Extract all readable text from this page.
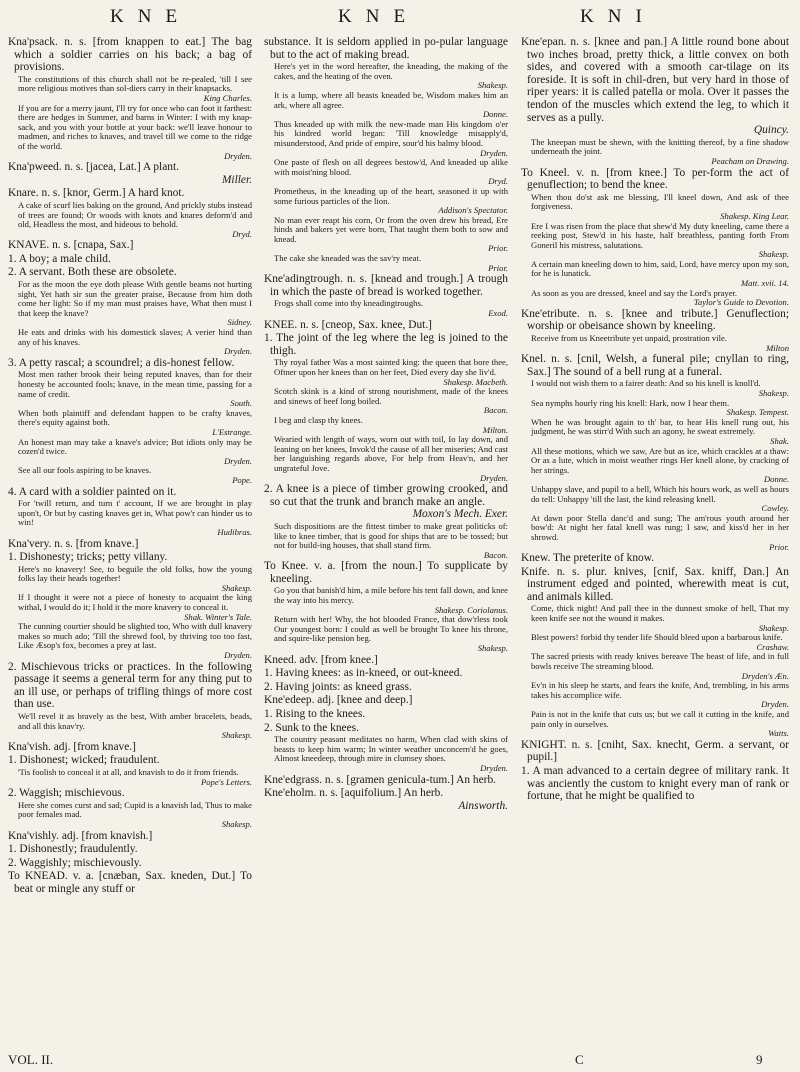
KNE	KNE	KNI
Kna'psack. n. s. [from knappen to eat.] The bag which a soldier carries on his back; a bag of provisions.
The constitutions of this church shall not be re-pealed, 'till I see more religious motives than sol-diers carry in their knapsacks.
King Charles.
If you are for a merry jaunt, I'll try for once who can foot it farthest: there are hedges in Summer, and barns in Winter: I with my knap-sack, and you with your bottle at your back: we'll leave honour to madmen, and riches to knaves, and travel till we come to the ridge of the world.
Dryden.
Kna'pweed. n. s. [jacea, Lat.] A plant.
Miller.
Knare. n. s. [knor, Germ.] A hard knot.
A cake of scurf lies baking on the ground, And prickly stubs instead of trees are found; Or woods with knots and knares deform'd and old, Headless the most, and hideous to behold.
Dryd.
KNAVE. n. s. [cnapa, Sax.]
1. A boy; a male child.
2. A servant. Both these are obsolete.
For as the moon the eye doth please With gentle beams not hurting sight, Yet hath sir sun the greater praise, Because from him doth come her light: So if my man must praises have, What then must I that keep the knave?
Sidney.
He eats and drinks with his domestick slaves; A verier hind than any of his knaves.
Dryden.
3. A petty rascal; a scoundrel; a dis-honest fellow.
Most men rather brook their being reputed knaves, than for their honesty be accounted fools; knave, in the mean time, passing for a name of credit.
South.
When both plaintiff and defendant happen to be crafty knaves, there's equity against both.
L'Estrange.
An honest man may take a knave's advice; But idiots only may be cozen'd twice.
Dryden.
See all our fools aspiring to be knaves.
Pope.
4. A card with a soldier painted on it.
For 'twill return, and turn t' account, If we are brought in play upon't, Or but by casting knaves get in, What pow'r can hinder us to win!
Hudibras.
Kna'very. n. s. [from knave.]
1. Dishonesty; tricks; petty villany.
Here's no knavery! See, to beguile the old folks, how the young folks lay their heads together!
Shakesp.
If I thought it were not a piece of honesty to acquaint the king withal, I would do it; I hold it the more knavery to conceal it.
Shak. Winter's Tale.
The cunning courtier should be slighted too, Who with dull knavery makes so much ado; 'Till the shrewd fool, by thriving too too fast, Like Æsop's fox, becomes a prey at last.
Dryden.
2. Mischievous tricks or practices. In the following passage it seems a general term for any thing put to an ill use, or perhaps of trifling things of more cost than use.
We'll revel it as bravely as the best, With amber bracelets, beads, and all this knav'ry.
Shakesp.
Kna'vish. adj. [from knave.]
1. Dishonest; wicked; fraudulent.
'Tis foolish to conceal it at all, and knavish to do it from friends.
Pope's Letters.
2. Waggish; mischievous.
Here she comes curst and sad; Cupid is a knavish lad, Thus to make poor females mad.
Shakesp.
Kna'vishly. adj. [from knavish.]
1. Dishonestly; fraudulently.
2. Waggishly; mischievously.
To KNEAD. v. a. [cnæban, Sax. kneden, Dut.] To beat or mingle any stuff or
substance. It is seldom applied in po-pular language but to the act of making bread.
Here's yet in the word hereafter, the kneading, the making of the cakes, and the heating of the oven.
Shakesp.
It is a lump, where all beasts kneaded be, Wisdom makes him an ark, where all agree.
Donne.
Thus kneaded up with milk the new-made man His kingdom o'er his kindred world began: 'Till knowledge misapply'd, misunderstood, And pride of empire, sour'd his balmy blood.
Dryden.
One paste of flesh on all degrees bestow'd, And kneaded up alike with moist'ning blood.
Dryd.
Prometheus, in the kneading up of the heart, seasoned it up with some furious particles of the lion.
Addison's Spectator.
No man ever reapt his corn, Or from the oven drew his bread, Ere hinds and bakers yet were born, That taught them both to sow and knead.
Prior.
The cake she kneaded was the sav'ry meat.
Prior.
Kne'adingtrough. n. s. [knead and trough.] A trough in which the paste of bread is worked together.
Frogs shall come into thy kneadingtroughs.
Exod.
KNEE. n. s. [cneop, Sax. knee, Dut.]
1. The joint of the leg where the leg is joined to the thigh.
Thy royal father Was a most sainted king: the queen that bore thee, Oftner upon her knees than on her feet, Died every day she liv'd.
Shakesp. Macbeth.
Scotch skink is a kind of strong nourishment, made of the knees and sinews of beef long boiled.
Bacon.
I beg and clasp thy knees.
Milton.
Wearied with length of ways, worn out with toil, Io lay down, and leaning on her knees, Invok'd the cause of all her miseries; And cast her languishing regards above, For help from Heav'n, and her ungrateful Jove.
Dryden.
2. A knee is a piece of timber growing crooked, and so cut that the trunk and branch make an angle.
Moxon's Mech. Exer.
Such dispositions are the fittest timber to make great politicks of: like to knee timber, that is good for ships that are to be tossed; but not for build-ing houses, that shall stand firm.
Bacon.
To Knee. v. a. [from the noun.] To supplicate by kneeling.
Go you that banish'd him, a mile before his tent fall down, and knee the way into his mercy.
Shakesp. Coriolanus.
Return with her! Why, the hot blooded France, that dow'rless took Our youngest born: I could as well be brought To knee his throne, and squire-like pension beg.
Shakesp.
Kneed. adv. [from knee.]
1. Having knees: as in-kneed, or out-kneed.
2. Having joints: as kneed grass.
Kne'edeep. adj. [knee and deep.]
1. Rising to the knees.
2. Sunk to the knees.
The country peasant meditates no harm, When clad with skins of beasts to keep him warm; In winter weather unconcern'd he goes, Almost kneedeep, through mire in clumsey shoes.
Dryden.
Kne'edgrass. n. s. [gramen genicula-tum.] An herb.
Kne'eholm. n. s. [aquifolium.] An herb.
Ainsworth.
Kne'epan. n. s. [knee and pan.] A little round bone about two inches broad, pretty thick, a little convex on both sides, and covered with a smooth car-tilage on its foreside. It is soft in chil-dren, but very hard in those of riper years: it is called patella or mola. Over it passes the tendon of the muscles which extend the leg, to which it serves as a pully.
Quincy.
The kneepan must be shewn, with the knitting thereof, by a fine shadow underneath the joint.
Peacham on Drawing.
To Kneel. v. n. [from knee.] To per-form the act of genuflection; to bend the knee.
When thou do'st ask me blessing, I'll kneel down, And ask of thee forgiveness.
Shakesp. King Lear.
Ere I was risen from the place that shew'd My duty kneeling, came there a reeking post, Stew'd in his haste, half breathless, panting forth From Goneril his mistress, salutations.
Shakesp.
A certain man kneeling down to him, said, Lord, have mercy upon my son, for he is lunatick.
Matt. xvii. 14.
As soon as you are dressed, kneel and say the Lord's prayer.
Taylor's Guide to Devotion.
Kne'etribute. n. s. [knee and tribute.] Genuflection; worship or obeisance shown by kneeling.
Receive from us Kneetribute yet unpaid, prostration vile.
Milton
Knel. n. s. [cnil, Welsh, a funeral pile; cnyllan to ring, Sax.] The sound of a bell rung at a funeral.
I would not wish them to a fairer death: And so his knell is knoll'd.
Shakesp.
Sea nymphs hourly ring his knell: Hark, now I hear them.
Shakesp. Tempest.
When he was brought again to th' bar, to hear His knell rung out, his judgment, he was stirr'd With such an agony, he sweat extremely.
Shak.
All these motions, which we saw, Are but as ice, which crackles at a thaw: Or as a lute, which in moist weather rings Her knell alone, by cracking of her strings.
Donne.
Unhappy slave, and pupil to a bell, Which his hours work, as well as hours do tell: Unhappy 'till the last, the kind releasing knell.
Cowley.
At dawn poor Stella danc'd and sung; The am'rous youth around her bow'd: At night her fatal knell was rung; I saw, and kiss'd her in her shrowd.
Prior.
Knew. The preterite of know.
Knife. n. s. plur. knives, [cnif, Sax. kniff, Dan.] An instrument edged and pointed, wherewith meat is cut, and animals killed.
Come, thick night! And pall thee in the dunnest smoke of hell, That my keen knife see not the wound it makes.
Shakesp.
Blest powers! forbid thy tender life Should bleed upon a barbarous knife.
Crashaw.
The sacred priests with ready knives bereave The beast of life, and in full bowls receive The streaming blood.
Dryden's Æn.
Ev'n in his sleep he starts, and fears the knife, And, trembling, in his arms takes his accomplice wife.
Dryden.
Pain is not in the knife that cuts us; but we call it cutting in the knife, and pain only in ourselves.
Watts.
KNIGHT. n. s. [cniht, Sax. knecht, Germ. a servant, or pupil.]
1. A man advanced to a certain degree of military rank. It was anciently the custom to knight every man of rank or fortune, that he might be qualified to
VOL. II.	C	9
